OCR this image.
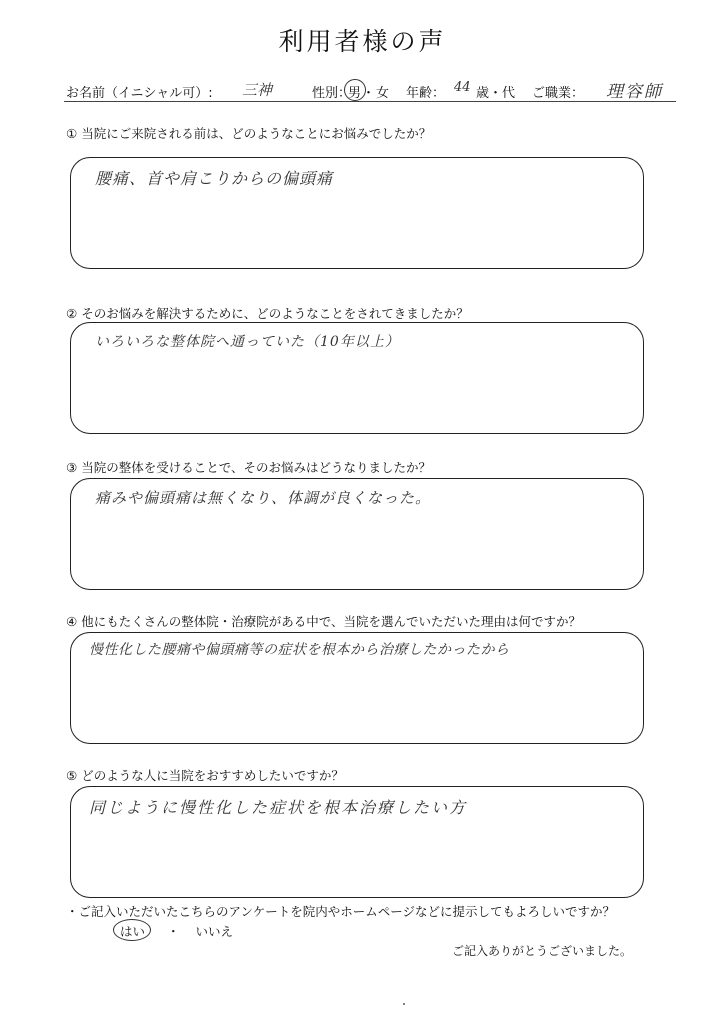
利用者様の声
お名前（イニシャル可）: 三神	性別：
男 ・ 女 年齢： 44 歳・代 ご職業： 理容師
① 当院にご来院される前は、どのようなことにお悩みでしたか？
腰痛、首や肩こりからの偏頭痛
② そのお悩みを解決するために、どのようなことをされてきましたか？
いろいろな整体院へ通っていた（10年以上）
③ 当院の整体を受けることで、そのお悩みはどうなりましたか？
痛みや偏頭痛は無くなり、体調が良くなった。
④ 他にもたくさんの整体院・治療院がある中で、当院を選んでいただいた理由は何ですか？
慢性化した腰痛や偏頭痛等の症状を根本から治療したかったから
⑤ どのような人に当院をおすすめしたいですか？
同じように慢性化した症状を根本治療したい方
・ご記入いただいたこちらのアンケートを院内やホームページなどに提示してもよろしいですか？
はい ・ いいえ
ご記入ありがとうございました。
